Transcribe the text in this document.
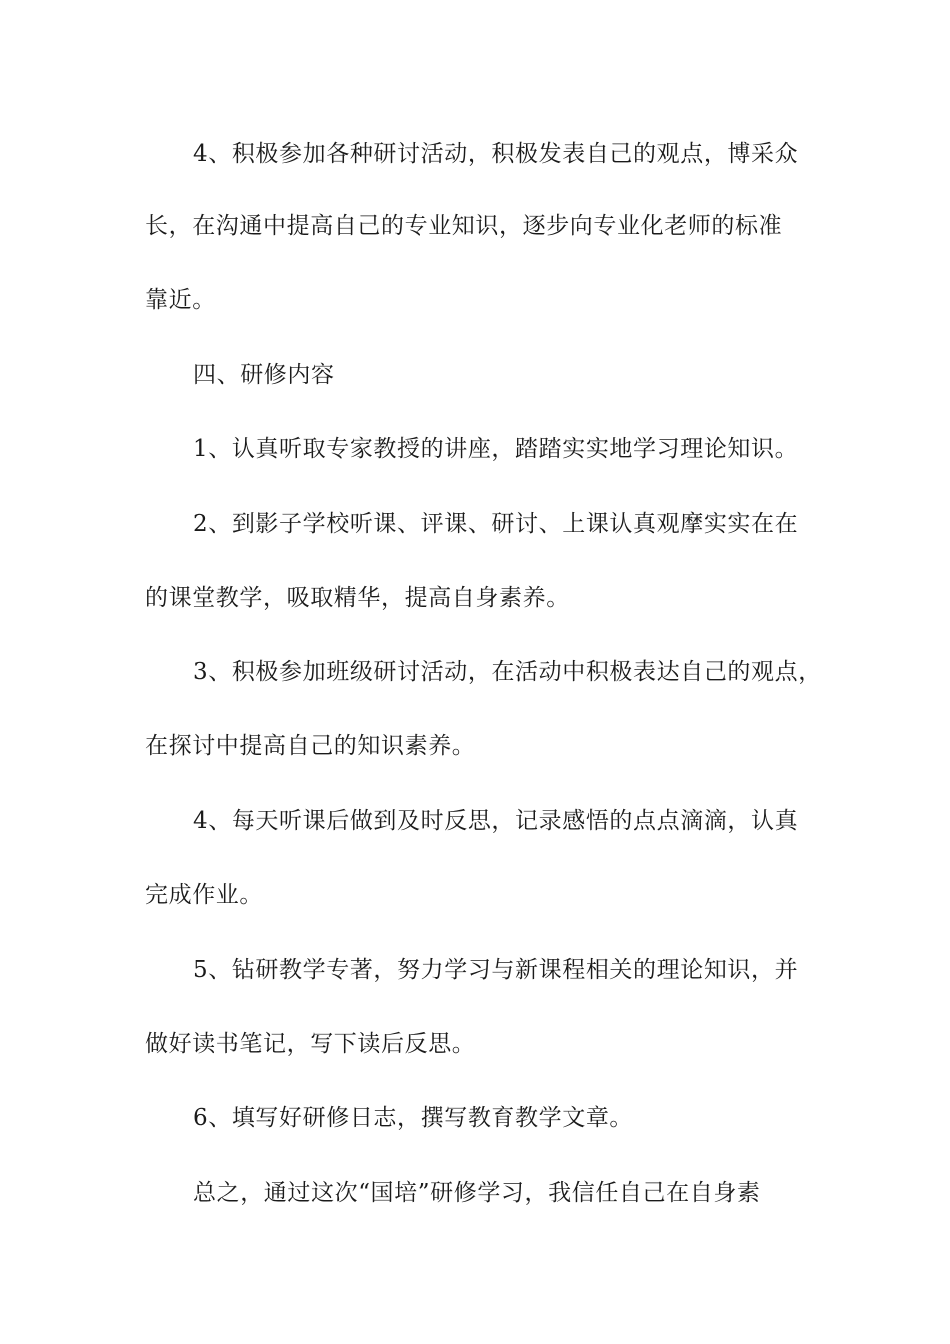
4、积极参加各种研讨活动，积极发表自己的观点，博采众
长，在沟通中提高自己的专业知识，逐步向专业化老师的标准
靠近。
四、研修内容
1、认真听取专家教授的讲座，踏踏实实地学习理论知识。
2、到影子学校听课、评课、研讨、上课认真观摩实实在在
的课堂教学，吸取精华，提高自身素养。
3、积极参加班级研讨活动，在活动中积极表达自己的观点，
在探讨中提高自己的知识素养。
4、每天听课后做到及时反思，记录感悟的点点滴滴，认真
完成作业。
5、钻研教学专著，努力学习与新课程相关的理论知识，并
做好读书笔记，写下读后反思。
6、填写好研修日志，撰写教育教学文章。
总之，通过这次“国培”研修学习，我信任自己在自身素
